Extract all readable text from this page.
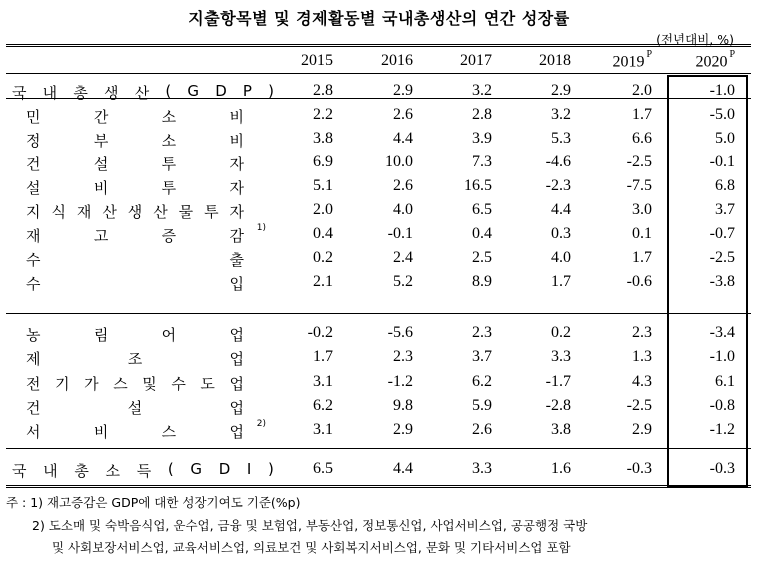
지출항목별 및 경제활동별 국내총생산의 연간 성장률
(전년대비, %)
2015	2016	2017	2018	2019 $^P$	2020 $^P$
국 내 총 생 산 ( G D P )	2.8	2.9	3.2	2.9	2.0	-1.0
민	간	소	비	2.2	2.6	2.8	3.2	1.7	-5.0
정	부	소	비	3.8	4.4	3.9	5.3	6.6	5.0
건	설	투	자	6.9	10.0	7.3	-4.6	-2.5	-0.1
설	비	투	자	5.1	2.6	16.5	-2.3	-7.5	6.8
지 식 재 산 생 산 물 투 자	2.0	4.0	6.5	4.4	3.0	3.7
재	고	증	감 $^{1)}$	0.4	-0.1	0.4	0.3	0.1	-0.7
수	출	0.2	2.4	2.5	4.0	1.7	-2.5
수	입	2.1	5.2	8.9	1.7	-0.6	-3.8
농	림	어	업	-0.2	-5.6	2.3	0.2	2.3	-3.4
제	조	업	1.7	2.3	3.7	3.3	1.3	-1.0
전 기 가 스 및 수 도 업	3.1	-1.2	6.2	-1.7	4.3	6.1
건	설	업	6.2	9.8	5.9	-2.8	-2.5	-0.8
서	비	스	업 $^{2)}$	3.1	2.9	2.6	3.8	2.9	-1.2
국 내 총 소 득 ( G D I )	6.5	4.4	3.3	1.6	-0.3	-0.3
주 : 1) 재고증감은 GDP에 대한 성장기여도 기준(%p)
2) 도소매 및 숙박음식업, 운수업, 금융 및 보험업, 부동산업, 정보통신업, 사업서비스업, 공공행정 국방
및 사회보장서비스업, 교육서비스업, 의료보건 및 사회복지서비스업, 문화 및 기타서비스업 포함
